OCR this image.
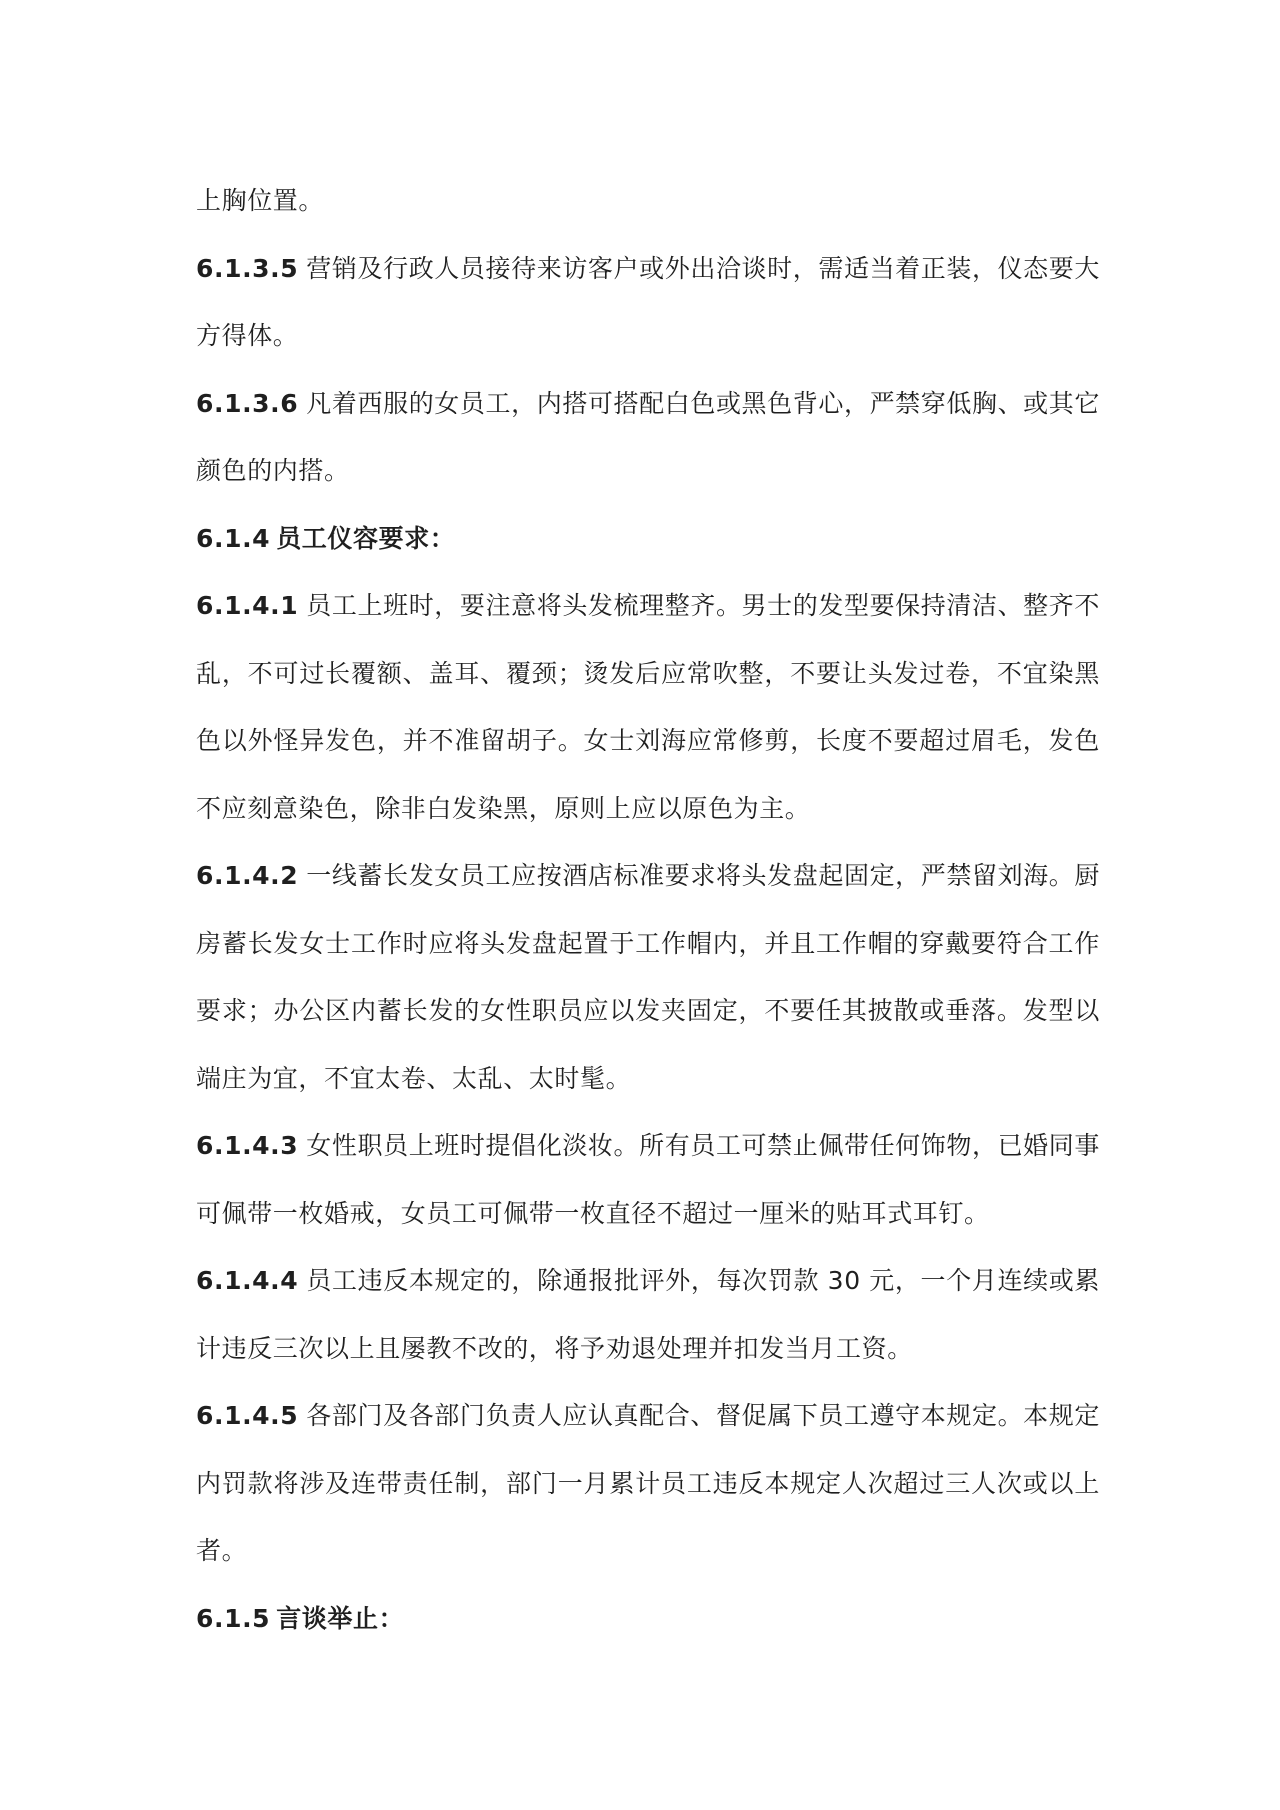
上胸位置。

6.1.3.5 营销及行政人员接待来访客户或外出洽谈时，需适当着正装，仪态要大方得体。

6.1.3.6 凡着西服的女员工，内搭可搭配白色或黑色背心，严禁穿低胸、或其它颜色的内搭。

6.1.4 员工仪容要求：

6.1.4.1 员工上班时，要注意将头发梳理整齐。男士的发型要保持清洁、整齐不乱，不可过长覆额、盖耳、覆颈；烫发后应常吹整，不要让头发过卷，不宜染黑色以外怪异发色，并不准留胡子。女士刘海应常修剪，长度不要超过眉毛，发色不应刻意染色，除非白发染黑，原则上应以原色为主。

6.1.4.2 一线蓄长发女员工应按酒店标准要求将头发盘起固定，严禁留刘海。厨房蓄长发女士工作时应将头发盘起置于工作帽内，并且工作帽的穿戴要符合工作要求；办公区内蓄长发的女性职员应以发夹固定，不要任其披散或垂落。发型以端庄为宜，不宜太卷、太乱、太时髦。

6.1.4.3 女性职员上班时提倡化淡妆。所有员工可禁止佩带任何饰物，已婚同事可佩带一枚婚戒，女员工可佩带一枚直径不超过一厘米的贴耳式耳钉。

6.1.4.4 员工违反本规定的，除通报批评外，每次罚款 30 元，一个月连续或累计违反三次以上且屡教不改的，将予劝退处理并扣发当月工资。

6.1.4.5 各部门及各部门负责人应认真配合、督促属下员工遵守本规定。本规定内罚款将涉及连带责任制，部门一月累计员工违反本规定人次超过三人次或以上者。

6.1.5 言谈举止：
